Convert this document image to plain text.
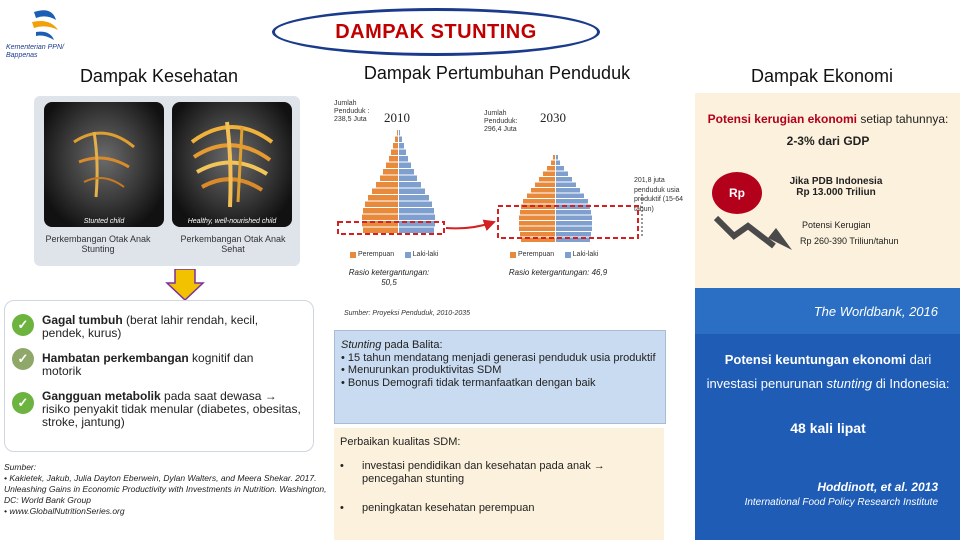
Kementerian PPN/ Bappenas
DAMPAK STUNTING
Dampak Kesehatan	Dampak Pertumbuhan Penduduk	Dampak Ekonomi
Stunted child	Healthy, well-nourished child
Perkembangan Otak Anak Stunting
Perkembangan Otak Anak Sehat
✓	Gagal tumbuh (berat lahir rendah, kecil, pendek, kurus)
✓	Hambatan perkembangan kognitif dan motorik
✓	Gangguan metabolik pada saat dewasa → risiko penyakit tidak menular (diabetes, obesitas, stroke, jantung)
Sumber:
• Kakietek, Jakub, Julia Dayton Eberwein, Dylan Walters, and Meera Shekar. 2017. Unleashing Gains in Economic Productivity with Investments in Nutrition. Washington, DC: World Bank Group
• www.GlobalNutritionSeries.org
Jumlah Penduduk : 238,5 Juta	2010
Perempuan	Laki-laki
Jumlah Penduduk: 296,4 Juta
2030
201,8 juta penduduk usia produktif (15-64 tahun)
Perempuan	Laki-laki
Rasio ketergantungan: 50,5
Rasio ketergantungan: 46,9
Sumber: Proyeksi Penduduk, 2010-2035
Stunting pada Balita:
• 15 tahun mendatang menjadi generasi penduduk usia produktif
• Menurunkan produktivitas SDM
• Bonus Demografi tidak termanfaatkan dengan baik
Perbaikan kualitas SDM:
• investasi pendidikan dan kesehatan pada anak → pencegahan stunting
• peningkatan kesehatan perempuan
Potensi kerugian ekonomi setiap tahunnya: 2-3% dari GDP
Rp
Jika PDB Indonesia
Rp 13.000 Triliun
Potensi Kerugian
Rp 260-390 Triliun/tahun
The Worldbank, 2016
Potensi keuntungan ekonomi dari investasi penurunan stunting di Indonesia:
48 kali lipat
Hoddinott, et al. 2013
International Food Policy Research Institute
